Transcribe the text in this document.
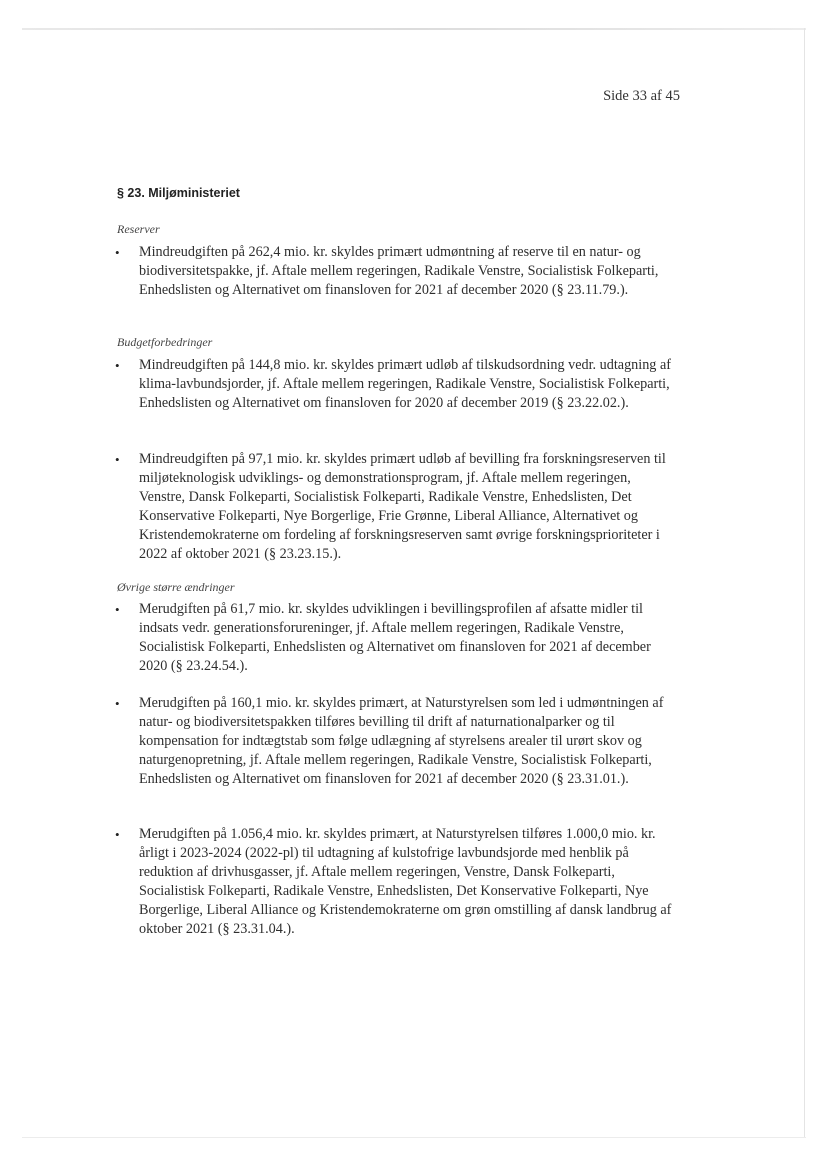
Side 33 af 45
§ 23. Miljøministeriet
Reserver
• Mindreudgiften på 262,4 mio. kr. skyldes primært udmøntning af reserve til en natur- og biodiversitetspakke, jf. Aftale mellem regeringen, Radikale Venstre, Socialistisk Folkeparti, Enhedslisten og Alternativet om finansloven for 2021 af december 2020 (§ 23.11.79.).

Budgetforbedringer
• Mindreudgiften på 144,8 mio. kr. skyldes primært udløb af tilskudsordning vedr. udtagning af klima-lavbundsjorder, jf. Aftale mellem regeringen, Radikale Venstre, Socialistisk Folkeparti, Enhedslisten og Alternativet om finansloven for 2020 af december 2019 (§ 23.22.02.).

• Mindreudgiften på 97,1 mio. kr. skyldes primært udløb af bevilling fra forskningsreserven til miljøteknologisk udviklings- og demonstrationsprogram, jf. Aftale mellem regeringen, Venstre, Dansk Folkeparti, Socialistisk Folkeparti, Radikale Venstre, Enhedslisten, Det Konservative Folkeparti, Nye Borgerlige, Frie Grønne, Liberal Alliance, Alternativet og Kristendemokraterne om fordeling af forskningsreserven samt øvrige forskningsprioriteter i 2022 af oktober 2021 (§ 23.23.15.).

Øvrige større ændringer
• Merudgiften på 61,7 mio. kr. skyldes udviklingen i bevillingsprofilen af afsatte midler til indsats vedr. generationsforureninger, jf. Aftale mellem regeringen, Radikale Venstre, Socialistisk Folkeparti, Enhedslisten og Alternativet om finansloven for 2021 af december 2020 (§ 23.24.54.).

• Merudgiften på 160,1 mio. kr. skyldes primært, at Naturstyrelsen som led i udmøntningen af natur- og biodiversitetspakken tilføres bevilling til drift af naturnationalparker og til kompensation for indtægtstab som følge udlægning af styrelsens arealer til urørt skov og naturgenopretning, jf. Aftale mellem regeringen, Radikale Venstre, Socialistisk Folkeparti, Enhedslisten og Alternativet om finansloven for 2021 af december 2020 (§ 23.31.01.).

• Merudgiften på 1.056,4 mio. kr. skyldes primært, at Naturstyrelsen tilføres 1.000,0 mio. kr. årligt i 2023-2024 (2022-pl) til udtagning af kulstofrige lavbundsjorde med henblik på reduktion af drivhusgasser, jf. Aftale mellem regeringen, Venstre, Dansk Folkeparti, Socialistisk Folkeparti, Radikale Venstre, Enhedslisten, Det Konservative Folkeparti, Nye Borgerlige, Liberal Alliance og Kristendemokraterne om grøn omstilling af dansk landbrug af oktober 2021 (§ 23.31.04.).
